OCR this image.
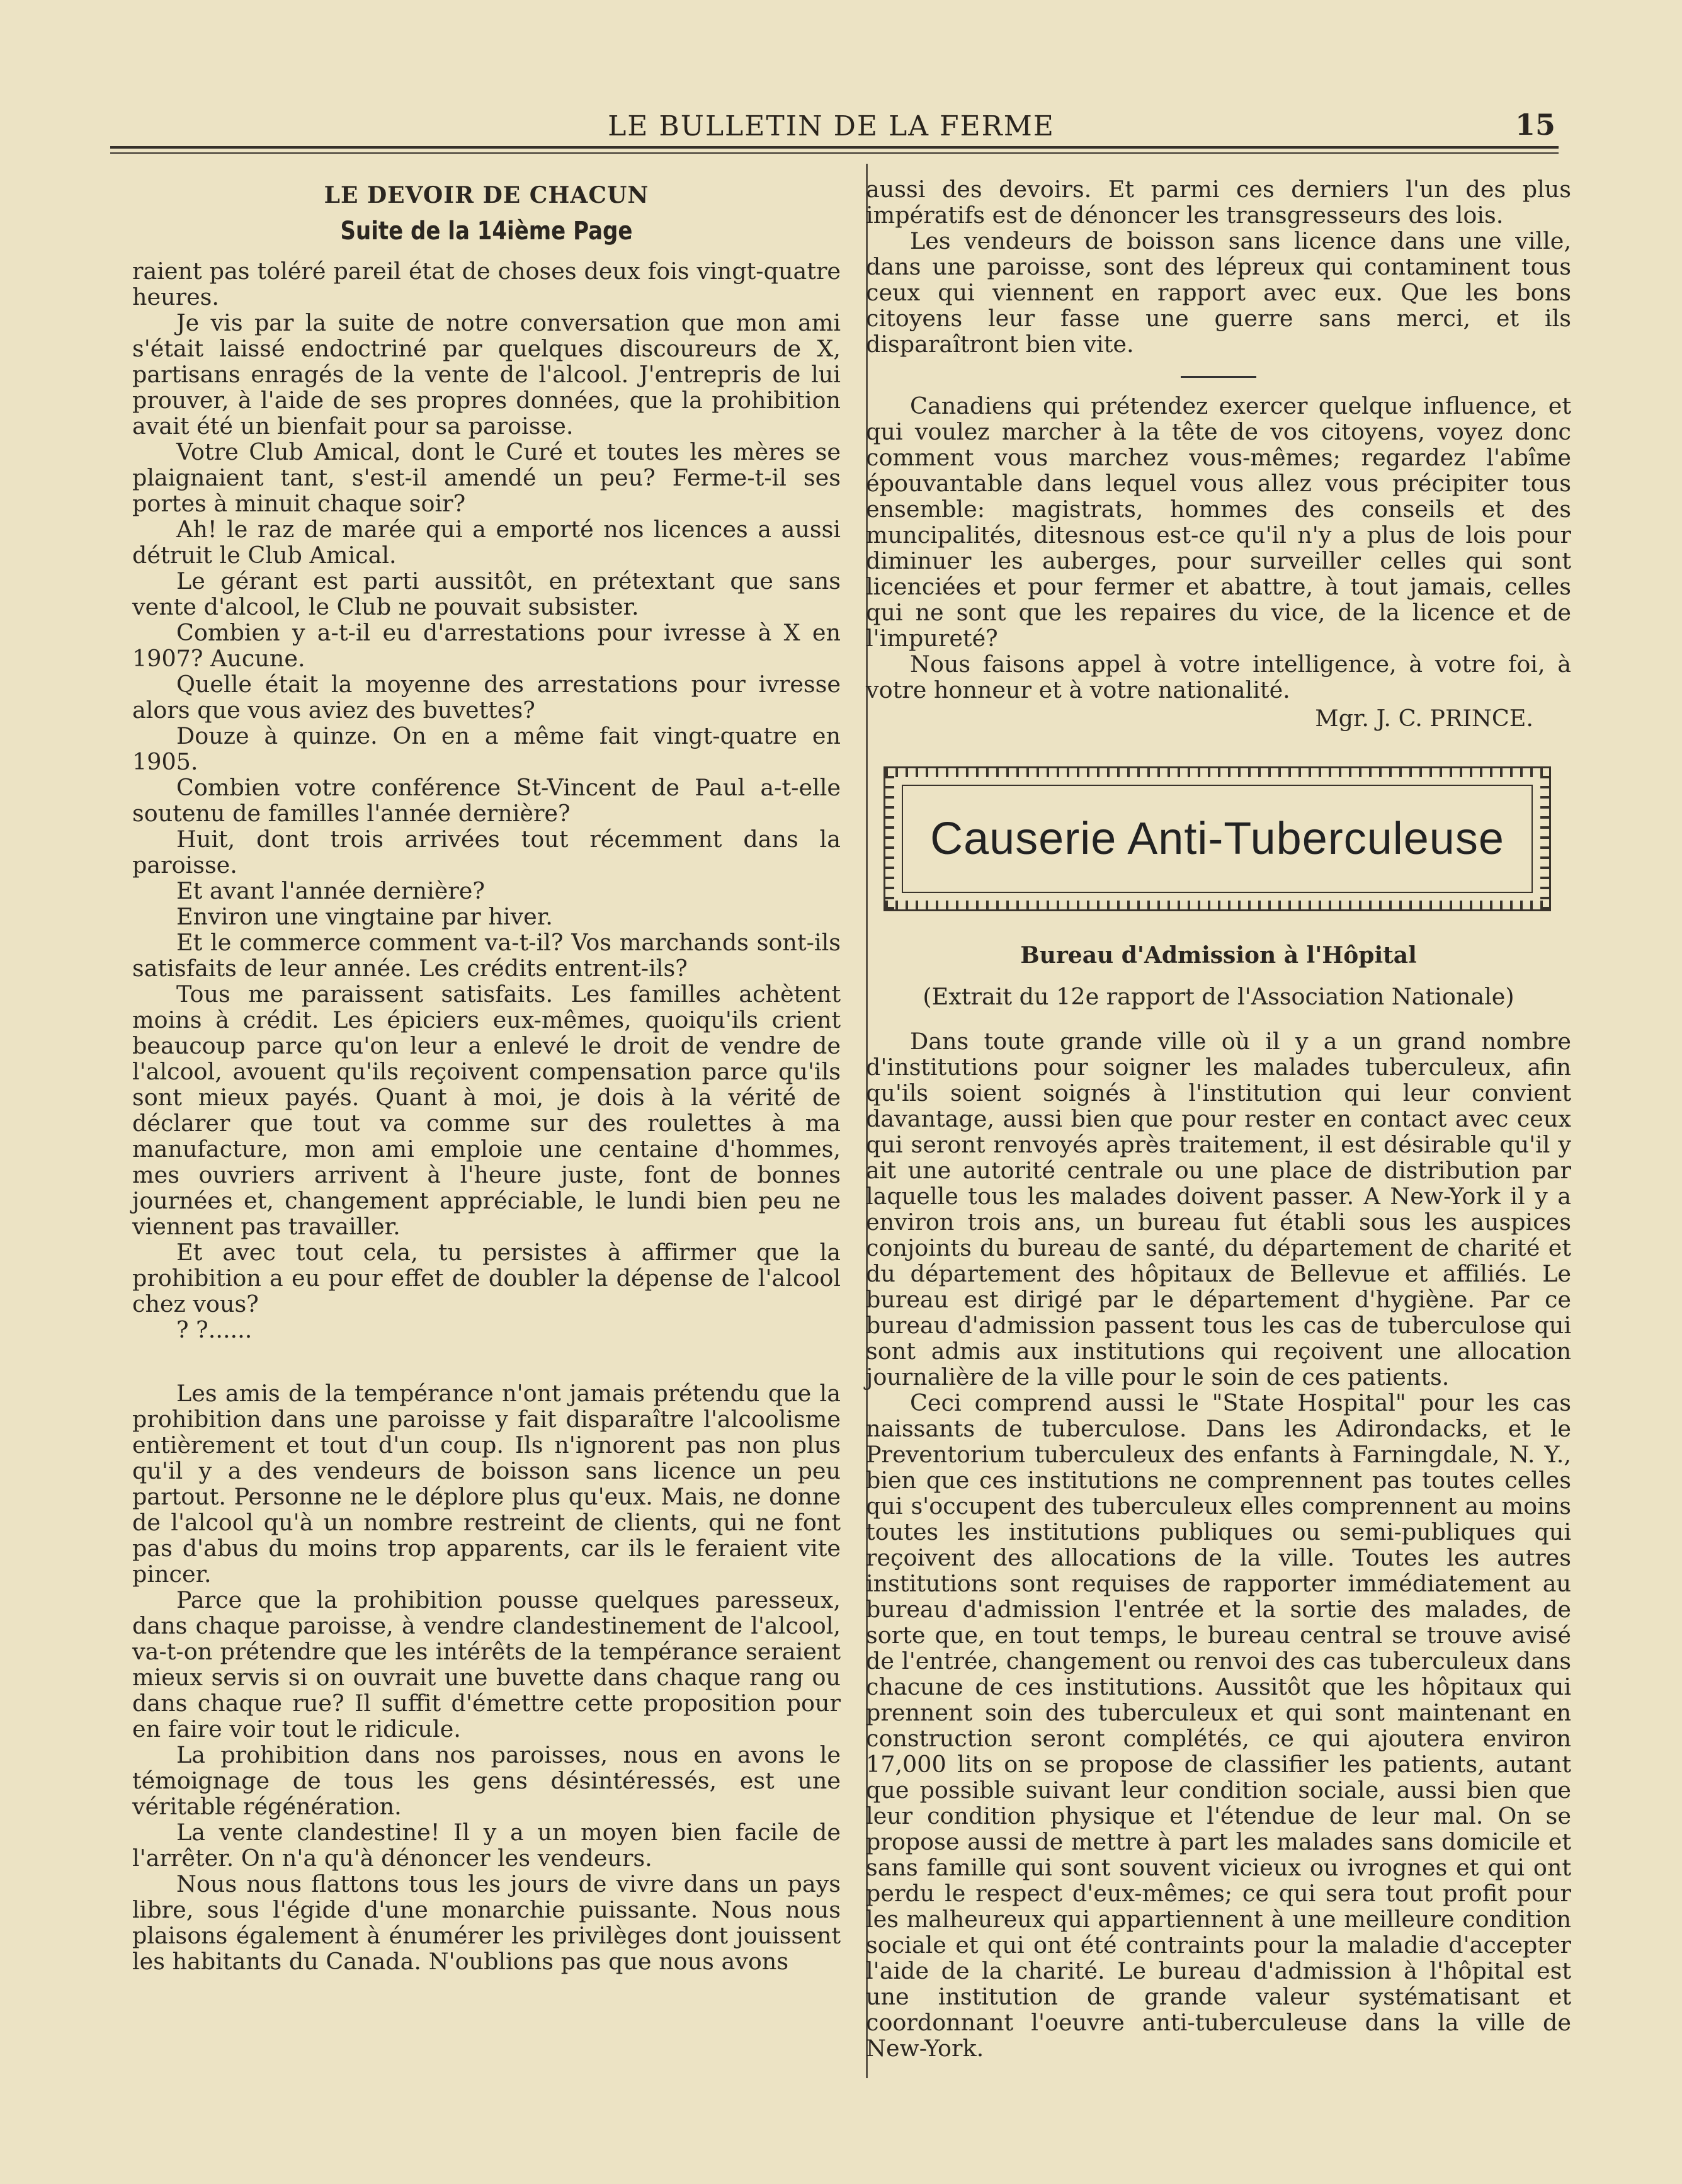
LE BULLETIN DE LA FERME	15
LE DEVOIR DE CHACUN
Suite de la 14ième Page

raient pas toléré pareil état de choses deux fois vingt-quatre heures.

Je vis par la suite de notre conversation que mon ami s'était laissé endoctriné par quelques discoureurs de X, partisans enragés de la vente de l'alcool. J'entrepris de lui prouver, à l'aide de ses propres données, que la prohibition avait été un bienfait pour sa paroisse.

Votre Club Amical, dont le Curé et toutes les mères se plaignaient tant, s'est-il amendé un peu? Ferme-t-il ses portes à minuit chaque soir?

Ah! le raz de marée qui a emporté nos licences a aussi détruit le Club Amical.

Le gérant est parti aussitôt, en prétextant que sans vente d'alcool, le Club ne pouvait subsister.

Combien y a-t-il eu d'arrestations pour ivresse à X en 1907? Aucune.

Quelle était la moyenne des arrestations pour ivresse alors que vous aviez des buvettes?

Douze à quinze. On en a même fait vingt-quatre en 1905.

Combien votre conférence St-Vincent de Paul a-t-elle soutenu de familles l'année dernière?

Huit, dont trois arrivées tout récemment dans la paroisse.

Et avant l'année dernière?

Environ une vingtaine par hiver.

Et le commerce comment va-t-il? Vos marchands sont-ils satisfaits de leur année. Les crédits entrent-ils?

Tous me paraissent satisfaits. Les familles achètent moins à crédit. Les épiciers eux-mêmes, quoiqu'ils crient beaucoup parce qu'on leur a enlevé le droit de vendre de l'alcool, avouent qu'ils reçoivent compensation parce qu'ils sont mieux payés. Quant à moi, je dois à la vérité de déclarer que tout va comme sur des roulettes à ma manufacture, mon ami emploie une centaine d'hommes, mes ouvriers arrivent à l'heure juste, font de bonnes journées et, changement appréciable, le lundi bien peu ne viennent pas travailler.

Et avec tout cela, tu persistes à affirmer que la prohibition a eu pour effet de doubler la dépense de l'alcool chez vous?

? ?......

Les amis de la tempérance n'ont jamais prétendu que la prohibition dans une paroisse y fait disparaître l'alcoolisme entièrement et tout d'un coup. Ils n'ignorent pas non plus qu'il y a des vendeurs de boisson sans licence un peu partout. Personne ne le déplore plus qu'eux. Mais, ne donne de l'alcool qu'à un nombre restreint de clients, qui ne font pas d'abus du moins trop apparents, car ils le feraient vite pincer.

Parce que la prohibition pousse quelques paresseux, dans chaque paroisse, à vendre clandestinement de l'alcool, va-t-on prétendre que les intérêts de la tempérance seraient mieux servis si on ouvrait une buvette dans chaque rang ou dans chaque rue? Il suffit d'émettre cette proposition pour en faire voir tout le ridicule.

La prohibition dans nos paroisses, nous en avons le témoignage de tous les gens désintéressés, est une véritable régénération.

La vente clandestine! Il y a un moyen bien facile de l'arrêter. On n'a qu'à dénoncer les vendeurs.

Nous nous flattons tous les jours de vivre dans un pays libre, sous l'égide d'une monarchie puissante. Nous nous plaisons également à énumérer les privilèges dont jouissent les habitants du Canada. N'oublions pas que nous avons

aussi des devoirs. Et parmi ces derniers l'un des plus impératifs est de dénoncer les transgresseurs des lois.

Les vendeurs de boisson sans licence dans une ville, dans une paroisse, sont des lépreux qui contaminent tous ceux qui viennent en rapport avec eux. Que les bons citoyens leur fasse une guerre sans merci, et ils disparaîtront bien vite.

Canadiens qui prétendez exercer quelque influence, et qui voulez marcher à la tête de vos citoyens, voyez donc comment vous marchez vous-mêmes; regardez l'abîme épouvantable dans lequel vous allez vous précipiter tous ensemble: magistrats, hommes des conseils et des muncipalités, ditesnous est-ce qu'il n'y a plus de lois pour diminuer les auberges, pour surveiller celles qui sont licenciées et pour fermer et abattre, à tout jamais, celles qui ne sont que les repaires du vice, de la licence et de l'impureté?

Nous faisons appel à votre intelligence, à votre foi, à votre honneur et à votre nationalité.

Mgr. J. C. PRINCE.
Causerie Anti-Tuberculeuse
Bureau d'Admission à l'Hôpital
(Extrait du 12e rapport de l'Association Nationale)

Dans toute grande ville où il y a un grand nombre d'institutions pour soigner les malades tuberculeux, afin qu'ils soient soignés à l'institution qui leur convient davantage, aussi bien que pour rester en contact avec ceux qui seront renvoyés après traitement, il est désirable qu'il y ait une autorité centrale ou une place de distribution par laquelle tous les malades doivent passer. A New-York il y a environ trois ans, un bureau fut établi sous les auspices conjoints du bureau de santé, du département de charité et du département des hôpitaux de Bellevue et affiliés. Le bureau est dirigé par le département d'hygiène. Par ce bureau d'admission passent tous les cas de tuberculose qui sont admis aux institutions qui reçoivent une allocation journalière de la ville pour le soin de ces patients.

Ceci comprend aussi le "State Hospital" pour les cas naissants de tuberculose. Dans les Adirondacks, et le Preventorium tuberculeux des enfants à Farningdale, N. Y., bien que ces institutions ne comprennent pas toutes celles qui s'occupent des tuberculeux elles comprennent au moins toutes les institutions publiques ou semi-publiques qui reçoivent des allocations de la ville. Toutes les autres institutions sont requises de rapporter immédiatement au bureau d'admission l'entrée et la sortie des malades, de sorte que, en tout temps, le bureau central se trouve avisé de l'entrée, changement ou renvoi des cas tuberculeux dans chacune de ces institutions. Aussitôt que les hôpitaux qui prennent soin des tuberculeux et qui sont maintenant en construction seront complétés, ce qui ajoutera environ 17,000 lits on se propose de classifier les patients, autant que possible suivant leur condition sociale, aussi bien que leur condition physique et l'étendue de leur mal. On se propose aussi de mettre à part les malades sans domicile et sans famille qui sont souvent vicieux ou ivrognes et qui ont perdu le respect d'eux-mêmes; ce qui sera tout profit pour les malheureux qui appartiennent à une meilleure condition sociale et qui ont été contraints pour la maladie d'accepter l'aide de la charité. Le bureau d'admission à l'hôpital est une institution de grande valeur systématisant et coordonnant l'oeuvre anti-tuberculeuse dans la ville de New-York.
